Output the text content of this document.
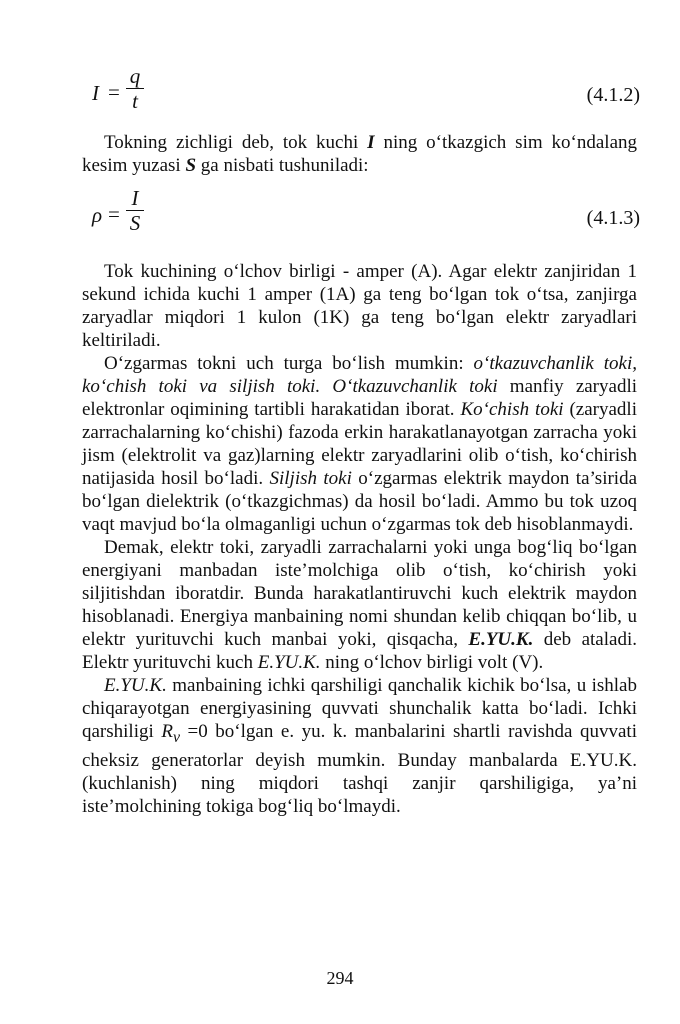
I =
q
t	(4.1.2)

Tokning zichligi deb, tok kuchi I ning o‘tkazgich sim ko‘ndalang kesim yuzasi S ga nisbati tushuniladi:

ρ =
I
S	(4.1.3)

Tok kuchining o‘lchov birligi - amper (A). Agar elektr zanjiridan 1 sekund ichida kuchi 1 amper (1A) ga teng bo‘lgan tok o‘tsa, zanjirga zaryadlar miqdori 1 kulon (1K) ga teng bo‘lgan elektr zaryadlari keltiriladi.

O‘zgarmas tokni uch turga bo‘lish mumkin: o‘tkazuvchanlik toki, ko‘chish toki va siljish toki. O‘tkazuvchanlik toki manfiy zaryadli elektronlar oqimining tartibli harakatidan iborat. Ko‘chish toki (zaryadli zarrachalarning ko‘chishi) fazoda erkin harakatlanayotgan zarracha yoki jism (elektrolit va gaz)larning elektr zaryadlarini olib o‘tish, ko‘chirish natijasida hosil bo‘ladi. Siljish toki o‘zgarmas elektrik maydon ta’sirida bo‘lgan dielektrik (o‘tkazgichmas) da hosil bo‘ladi. Ammo bu tok uzoq vaqt mavjud bo‘la olmaganligi uchun o‘zgarmas tok deb hisoblanmaydi.

Demak, elektr toki, zaryadli zarrachalarni yoki unga bog‘liq bo‘lgan energiyani manbadan iste’molchiga olib o‘tish, ko‘chirish yoki siljitishdan iboratdir. Bunda harakatlantiruvchi kuch elektrik maydon hisoblanadi. Energiya manbaining nomi shundan kelib chiqqan bo‘lib, u elektr yurituvchi kuch manbai yoki, qisqacha, E.YU.K. deb ataladi. Elektr yurituvchi kuch E.YU.K. ning o‘lchov birligi volt (V).

E.YU.K. manbaining ichki qarshiligi qanchalik kichik bo‘lsa, u ishlab chiqarayotgan energiyasining quvvati shunchalik katta bo‘ladi. Ichki qarshiligi $R_v =0$ bo‘lgan e. yu. k. manbalarini shartli ravishda quvvati cheksiz generatorlar deyish mumkin. Bunday manbalarda E.YU.K. (kuchlanish) ning miqdori tashqi zanjir qarshiligiga, ya’ni iste’molchining tokiga bog‘liq bo‘lmaydi.

294
